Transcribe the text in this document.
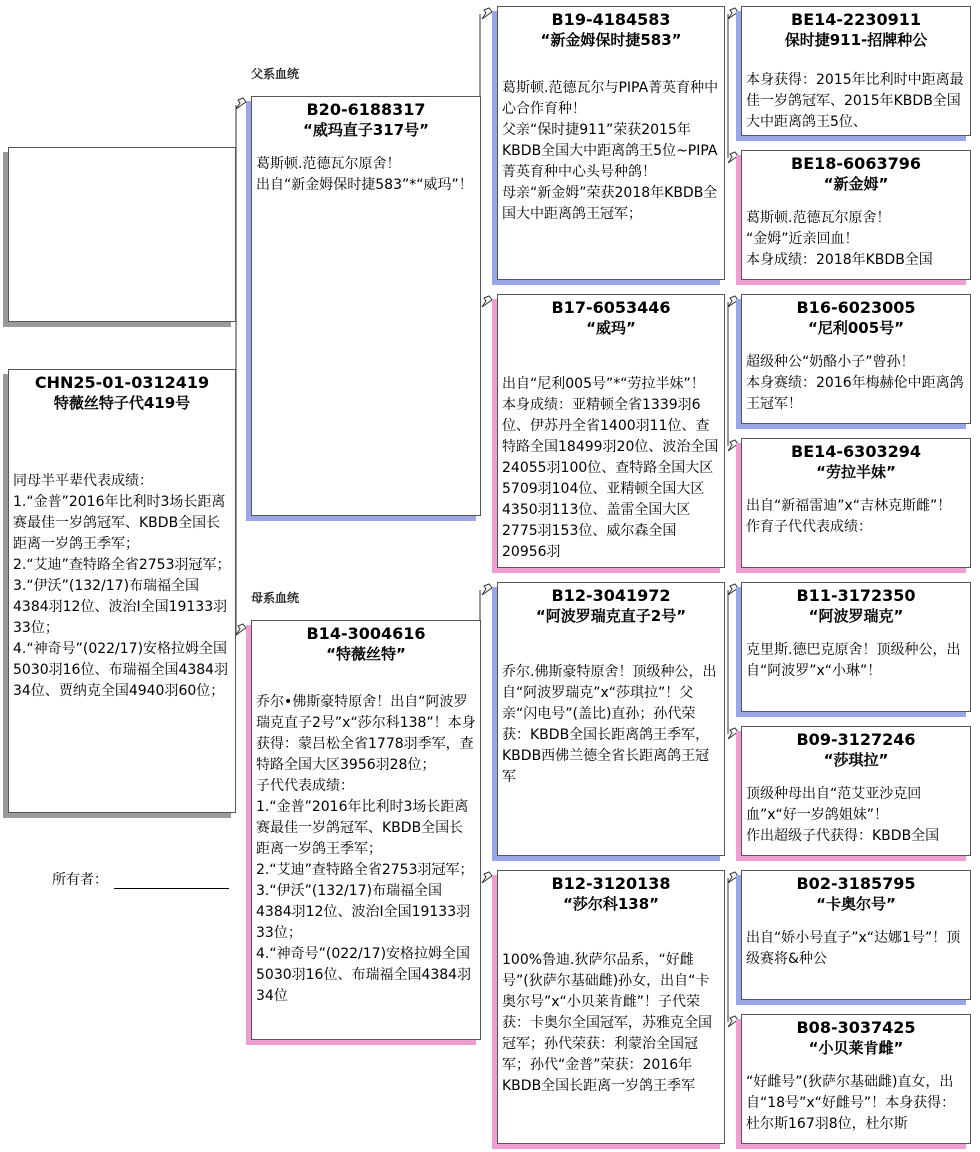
CHN25-01-0312419
特薇丝特子代419号

同母半平辈代表成绩：

1.“金普”2016年比利时3场长距离赛最佳一岁鸽冠军、KBDB全国长距离一岁鸽王季军；

2.“艾迪”查特路全省2753羽冠军；

3.“伊沃”(132/17)布瑞福全国4384羽12位、波治I全国19133羽33位；

4.“神奇号”(022/17)安格拉姆全国5030羽16位、布瑞福全国4384羽34位、贾纳克全国4940羽60位；

所有者：
父系血统
母系血统
B20-6188317
“威玛直子317号”

葛斯顿.范德瓦尔原舍！

出自“新金姆保时捷583”*“威玛”！

B14-3004616
“特薇丝特”

乔尔•佛斯豪特原舍！出自“阿波罗瑞克直子2号”x“莎尔科138”！本身获得：蒙吕松全省1778羽季军，查特路全国大区3956羽28位；

子代代表成绩：

1.“金普”2016年比利时3场长距离赛最佳一岁鸽冠军、KBDB全国长距离一岁鸽王季军；

2.“艾迪”查特路全省2753羽冠军；

3.“伊沃”(132/17)布瑞福全国4384羽12位、波治I全国19133羽33位；

4.“神奇号”(022/17)安格拉姆全国5030羽16位、布瑞福全国4384羽34位

B19-4184583
“新金姆保时捷583”

葛斯顿.范德瓦尔与PIPA菁英育种中心合作育种！

父亲“保时捷911”荣获2015年KBDB全国大中距离鸽王5位~PIPA菁英育种中心头号种鸽！

母亲“新金姆”荣获2018年KBDB全国大中距离鸽王冠军；

B17-6053446
“威玛”

出自“尼利005号”*“劳拉半妹”！

本身成绩：亚精顿全省1339羽6位、伊苏丹全省1400羽11位、查特路全国18499羽20位、波治全国24055羽100位、查特路全国大区5709羽104位、亚精顿全国大区4350羽113位、盖雷全国大区2775羽153位、威尔森全国20956羽

B12-3041972
“阿波罗瑞克直子2号”

乔尔.佛斯豪特原舍！顶级种公，出自“阿波罗瑞克”x“莎琪拉”！父亲“闪电号”(盖比)直孙；孙代荣获：KBDB全国长距离鸽王季军，KBDB西佛兰德全省长距离鸽王冠军

B12-3120138
“莎尔科138”

100%鲁迪.狄萨尔品系，“好雌号”(狄萨尔基础雌)孙女，出自“卡奥尔号”x“小贝莱肯雌”！子代荣获：卡奥尔全国冠军，苏雅克全国冠军；孙代荣获：利蒙治全国冠军；孙代“金普”荣获：2016年KBDB全国长距离一岁鸽王季军

BE14-2230911
保时捷911-招牌种公

本身获得：2015年比利时中距离最佳一岁鸽冠军、2015年KBDB全国大中距离鸽王5位、

BE18-6063796
“新金姆”

葛斯顿.范德瓦尔原舍！

“金姆”近亲回血！

本身成绩：2018年KBDB全国

B16-6023005
“尼利005号”

超级种公“奶酪小子”曾孙！

本身赛绩：2016年梅赫伦中距离鸽王冠军！

BE14-6303294
“劳拉半妹”

出自“新福雷迪”x“吉林克斯雌”！

作育子代代表成绩：

B11-3172350
“阿波罗瑞克”

克里斯.德巴克原舍！顶级种公，出自“阿波罗”x“小琳”！

B09-3127246
“莎琪拉”

顶级种母出自“范艾亚沙克回血”x“好一岁鸽姐妹”！

作出超级子代获得：KBDB全国

B02-3185795
“卡奥尔号”

出自“娇小号直子”x“达娜1号”！顶级赛将&种公

B08-3037425
“小贝莱肯雌”

“好雌号”(狄萨尔基础雌)直女，出自“18号”x“好雌号”！本身获得：杜尔斯167羽8位，杜尔斯
